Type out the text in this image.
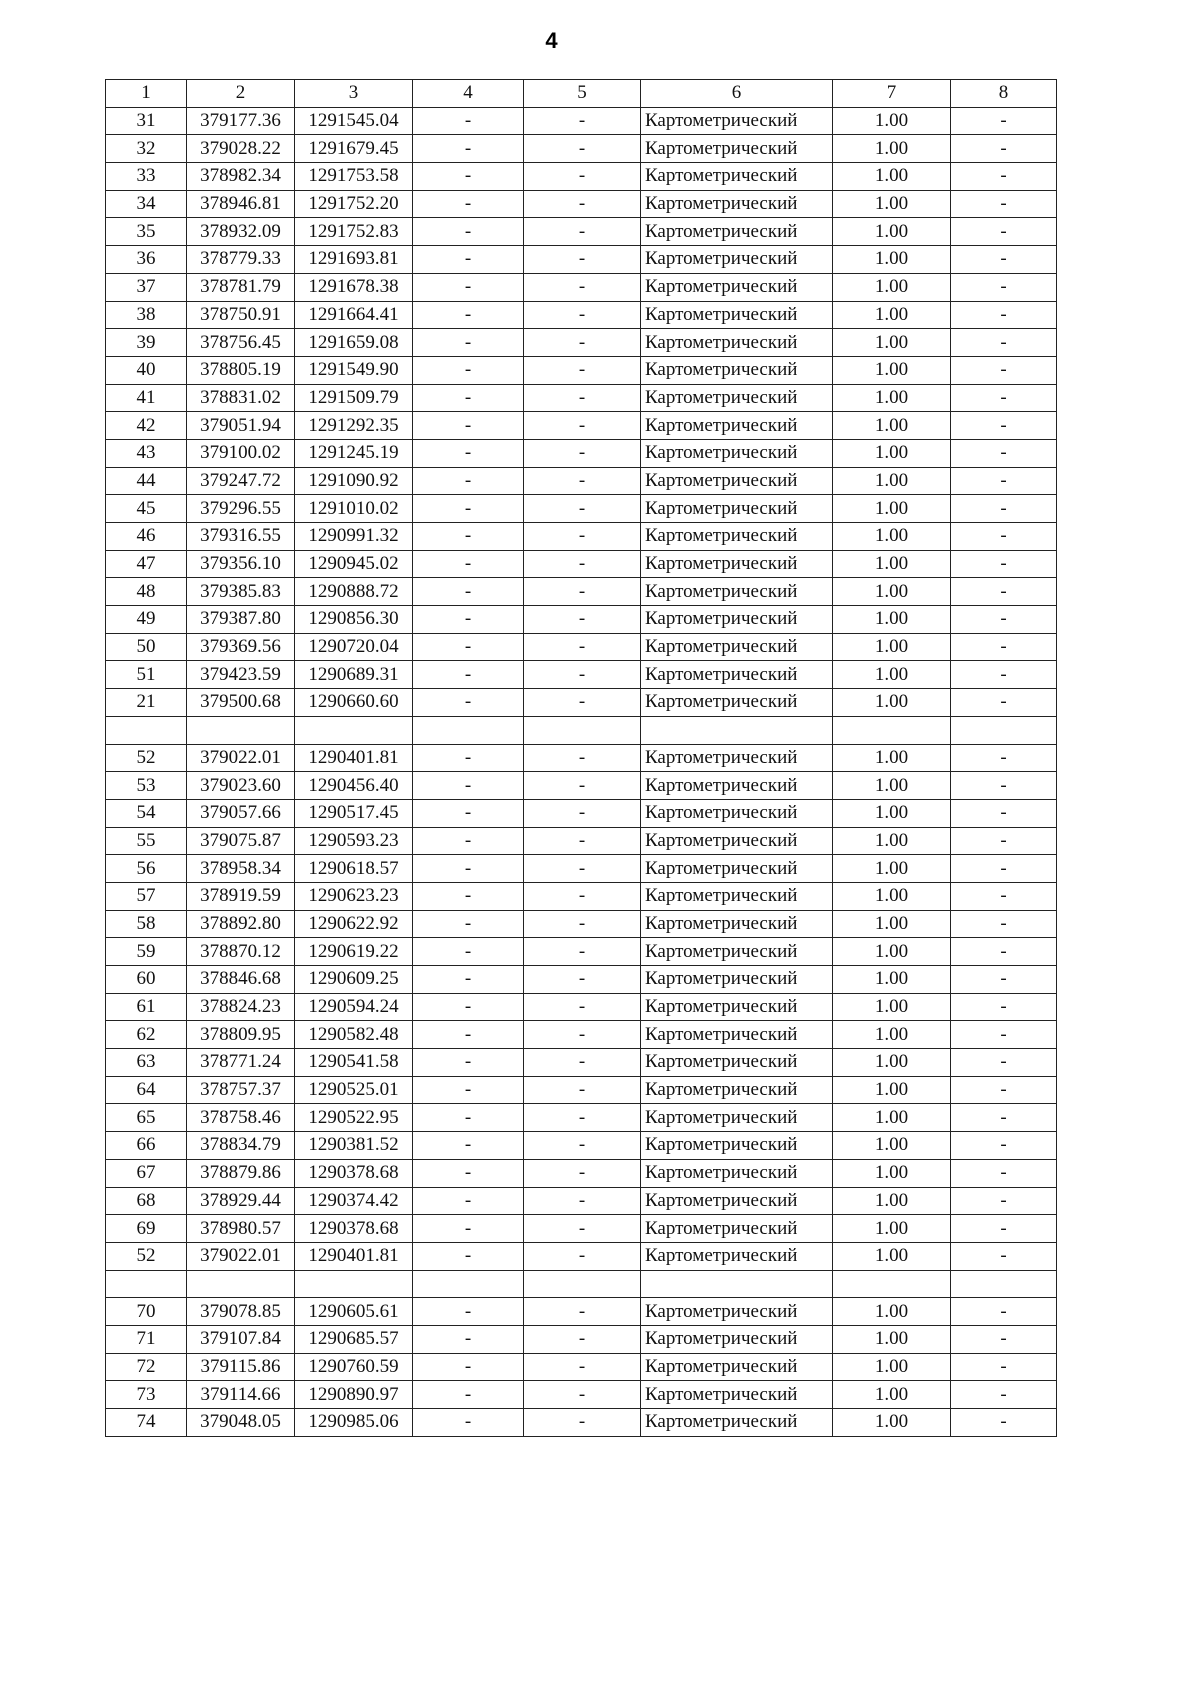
4
1	2	3	4	5	6	7	8
31	379177.36	1291545.04	-	-	Картометрический	1.00	-
32	379028.22	1291679.45	-	-	Картометрический	1.00	-
33	378982.34	1291753.58	-	-	Картометрический	1.00	-
34	378946.81	1291752.20	-	-	Картометрический	1.00	-
35	378932.09	1291752.83	-	-	Картометрический	1.00	-
36	378779.33	1291693.81	-	-	Картометрический	1.00	-
37	378781.79	1291678.38	-	-	Картометрический	1.00	-
38	378750.91	1291664.41	-	-	Картометрический	1.00	-
39	378756.45	1291659.08	-	-	Картометрический	1.00	-
40	378805.19	1291549.90	-	-	Картометрический	1.00	-
41	378831.02	1291509.79	-	-	Картометрический	1.00	-
42	379051.94	1291292.35	-	-	Картометрический	1.00	-
43	379100.02	1291245.19	-	-	Картометрический	1.00	-
44	379247.72	1291090.92	-	-	Картометрический	1.00	-
45	379296.55	1291010.02	-	-	Картометрический	1.00	-
46	379316.55	1290991.32	-	-	Картометрический	1.00	-
47	379356.10	1290945.02	-	-	Картометрический	1.00	-
48	379385.83	1290888.72	-	-	Картометрический	1.00	-
49	379387.80	1290856.30	-	-	Картометрический	1.00	-
50	379369.56	1290720.04	-	-	Картометрический	1.00	-
51	379423.59	1290689.31	-	-	Картометрический	1.00	-
21	379500.68	1290660.60	-	-	Картометрический	1.00	-

52	379022.01	1290401.81	-	-	Картометрический	1.00	-
53	379023.60	1290456.40	-	-	Картометрический	1.00	-
54	379057.66	1290517.45	-	-	Картометрический	1.00	-
55	379075.87	1290593.23	-	-	Картометрический	1.00	-
56	378958.34	1290618.57	-	-	Картометрический	1.00	-
57	378919.59	1290623.23	-	-	Картометрический	1.00	-
58	378892.80	1290622.92	-	-	Картометрический	1.00	-
59	378870.12	1290619.22	-	-	Картометрический	1.00	-
60	378846.68	1290609.25	-	-	Картометрический	1.00	-
61	378824.23	1290594.24	-	-	Картометрический	1.00	-
62	378809.95	1290582.48	-	-	Картометрический	1.00	-
63	378771.24	1290541.58	-	-	Картометрический	1.00	-
64	378757.37	1290525.01	-	-	Картометрический	1.00	-
65	378758.46	1290522.95	-	-	Картометрический	1.00	-
66	378834.79	1290381.52	-	-	Картометрический	1.00	-
67	378879.86	1290378.68	-	-	Картометрический	1.00	-
68	378929.44	1290374.42	-	-	Картометрический	1.00	-
69	378980.57	1290378.68	-	-	Картометрический	1.00	-
52	379022.01	1290401.81	-	-	Картометрический	1.00	-

70	379078.85	1290605.61	-	-	Картометрический	1.00	-
71	379107.84	1290685.57	-	-	Картометрический	1.00	-
72	379115.86	1290760.59	-	-	Картометрический	1.00	-
73	379114.66	1290890.97	-	-	Картометрический	1.00	-
74	379048.05	1290985.06	-	-	Картометрический	1.00	-
